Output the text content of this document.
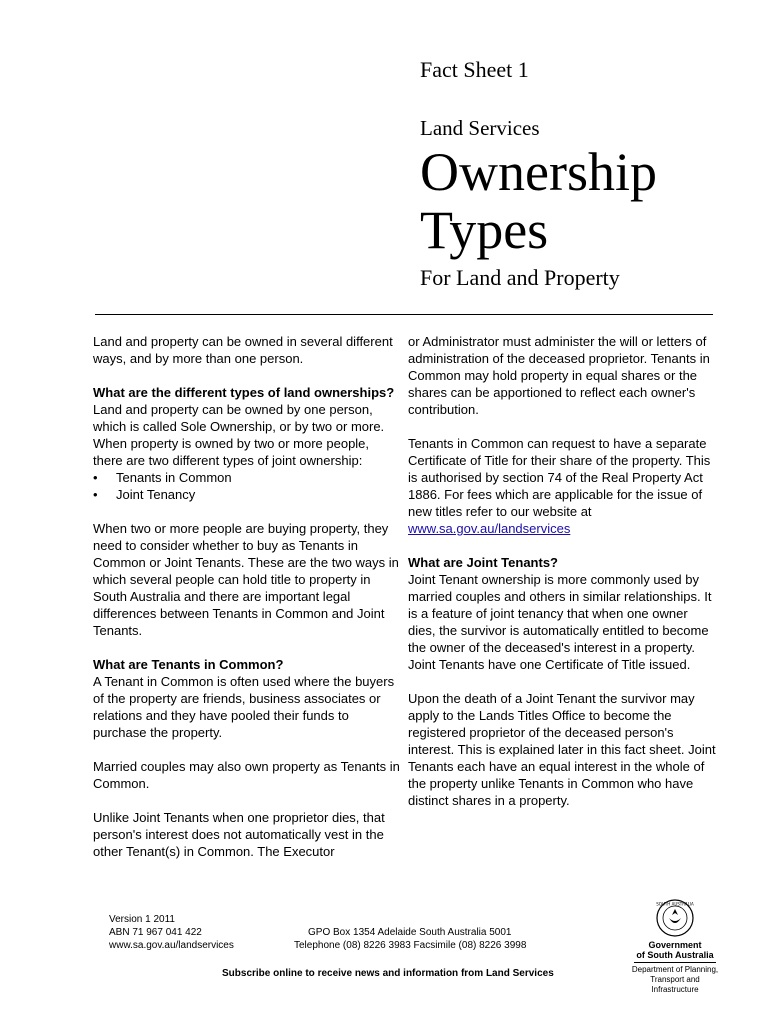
Fact Sheet 1
Land Services
Ownership
Types
For Land and Property

Land and property can be owned in several different ways, and by more than one person.

What are the different types of land ownerships?

Land and property can be owned by one person, which is called Sole Ownership, or by two or more. When property is owned by two or more people, there are two different types of joint ownership:

• Tenants in Common
• Joint Tenancy

When two or more people are buying property, they need to consider whether to buy as Tenants in Common or Joint Tenants. These are the two ways in which several people can hold title to property in South Australia and there are important legal differences between Tenants in Common and Joint Tenants.

What are Tenants in Common?

A Tenant in Common is often used where the buyers of the property are friends, business associates or relations and they have pooled their funds to purchase the property.

Married couples may also own property as Tenants in Common.

Unlike Joint Tenants when one proprietor dies, that person's interest does not automatically vest in the other Tenant(s) in Common. The Executor

or Administrator must administer the will or letters of administration of the deceased proprietor. Tenants in Common may hold property in equal shares or the shares can be apportioned to reflect each owner's contribution.

Tenants in Common can request to have a separate Certificate of Title for their share of the property. This is authorised by section 74 of the Real Property Act 1886. For fees which are applicable for the issue of new titles refer to our website at www.sa.gov.au/landservices

What are Joint Tenants?

Joint Tenant ownership is more commonly used by married couples and others in similar relationships. It is a feature of joint tenancy that when one owner dies, the survivor is automatically entitled to become the owner of the deceased's interest in a property. Joint Tenants have one Certificate of Title issued.

Upon the death of a Joint Tenant the survivor may apply to the Lands Titles Office to become the registered proprietor of the deceased person's interest. This is explained later in this fact sheet. Joint Tenants each have an equal interest in the whole of the property unlike Tenants in Common who have distinct shares in a property.

Version 1 2011
ABN 71 967 041 422
www.sa.gov.au/landservices
GPO Box 1354 Adelaide South Australia 5001
Telephone (08) 8226 3983 Facsimile (08) 8226 3998
Subscribe online to receive news and information from Land Services
SOUTH AUSTRALIA
Government
of South Australia
Department of Planning,
Transport and Infrastructure
